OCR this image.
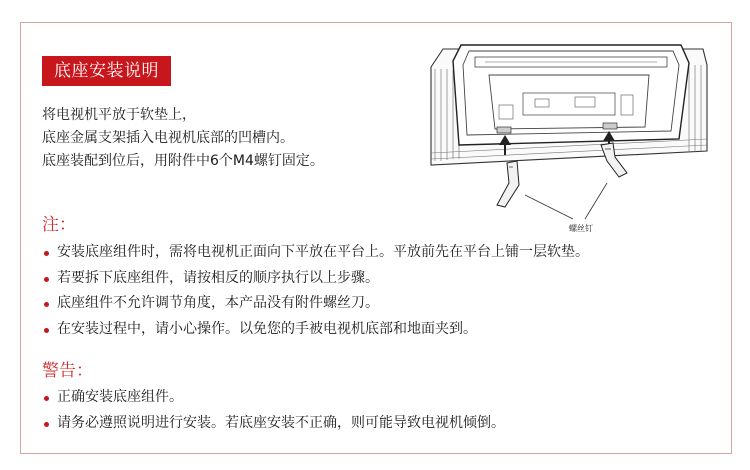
底座安装说明

将电视机平放于软垫上，

底座金属支架插入电视机底部的凹槽内。

底座装配到位后，用附件中6个M4螺钉固定。

螺丝钉
注：
安装底座组件时，需将电视机正面向下平放在平台上。平放前先在平台上铺一层软垫。
若要拆下底座组件，请按相反的顺序执行以上步骤。
底座组件不允许调节角度，本产品没有附件螺丝刀。
在安装过程中，请小心操作。以免您的手被电视机底部和地面夹到。
警告：
正确安装底座组件。
请务必遵照说明进行安装。若底座安装不正确，则可能导致电视机倾倒。
